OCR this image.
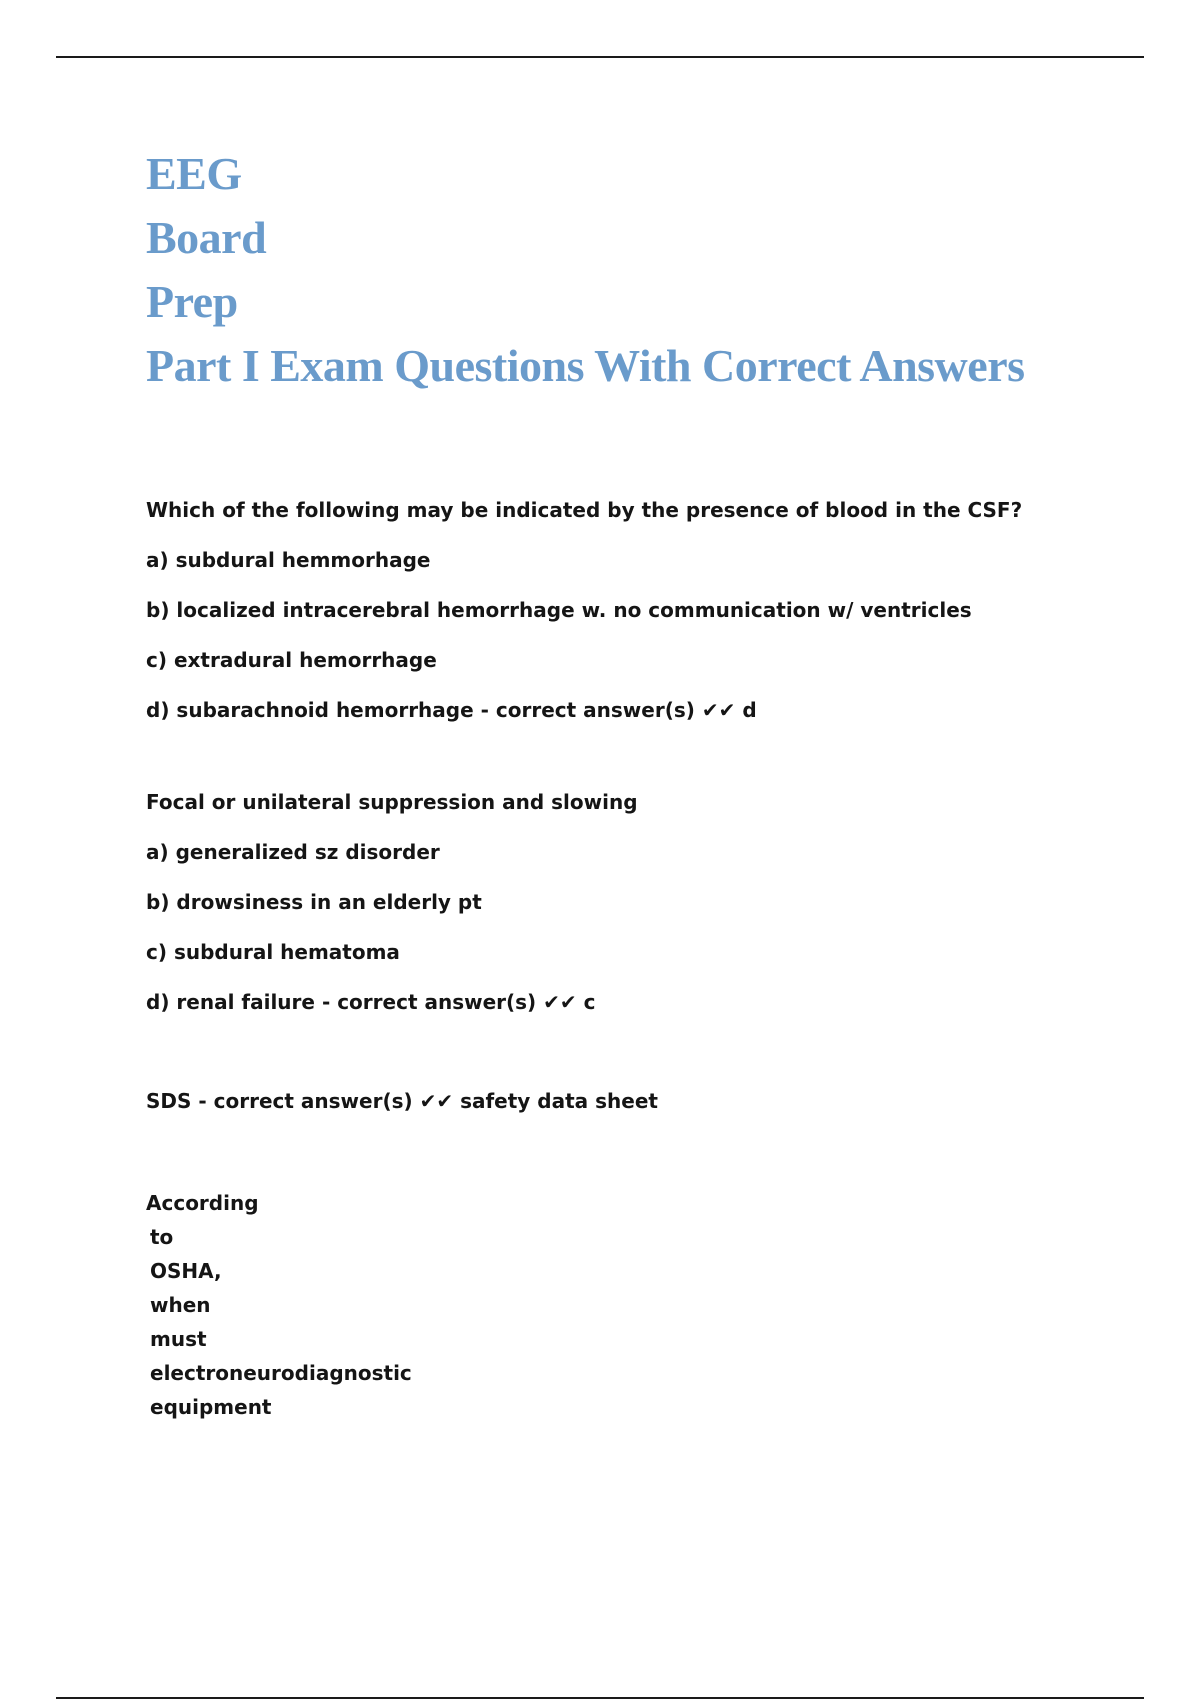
EEG
Board
Prep
Part I Exam Questions With Correct Answers
Which of the following may be indicated by the presence of blood in the CSF?
a) subdural hemmorhage
b) localized intracerebral hemorrhage w. no communication w/ ventricles
c) extradural hemorrhage
d) subarachnoid hemorrhage - correct answer(s) ✔✔ d
Focal or unilateral suppression and slowing
a) generalized sz disorder
b) drowsiness in an elderly pt
c) subdural hematoma
d) renal failure - correct answer(s) ✔✔ c
SDS - correct answer(s) ✔✔ safety data sheet
According
to
OSHA,
when
must
electroneurodiagnostic
equipment
